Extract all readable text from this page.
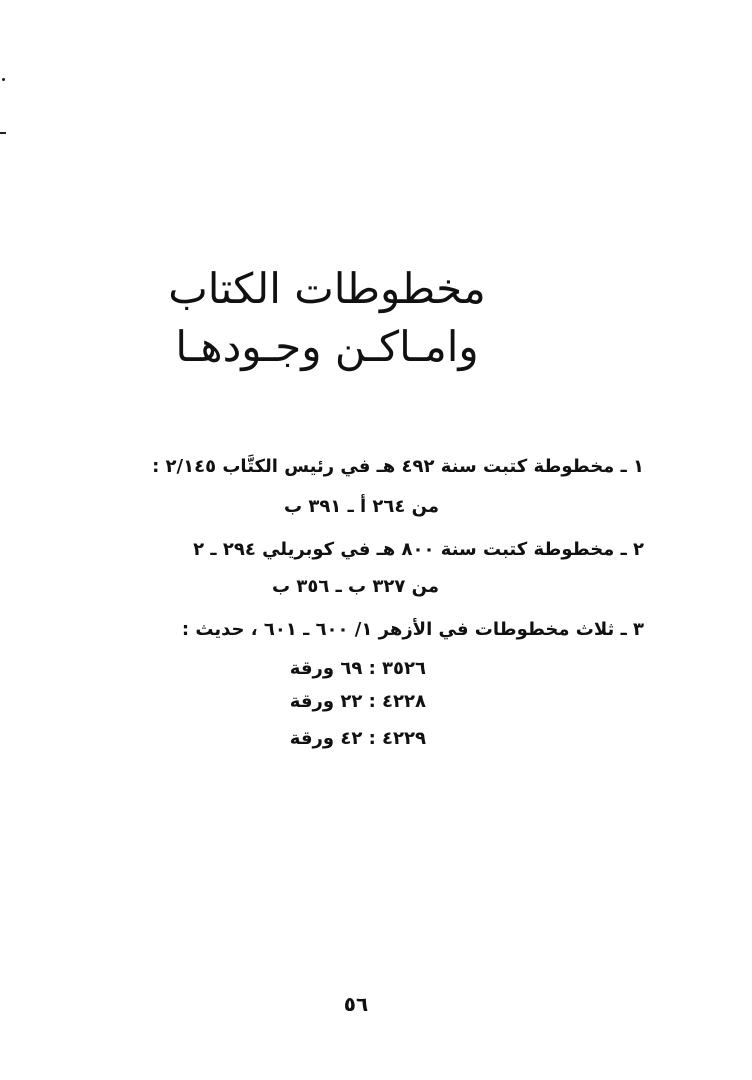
مخطوطات الكتاب
وامـاكـن وجـودهـا
١ ـ مخطوطة كتبت سنة ٤٩٢ هـ في رئيس الكتَّاب ٢/١٤٥ :
من ٢٦٤ أ ـ ٣٩١ ب
٢ ـ مخطوطة كتبت سنة ٨٠٠ هـ في كوبريلي ٢٩٤ ـ ٢
من ٣٢٧ ب ـ ٣٥٦ ب
٣ ـ ثلاث مخطوطات في الأزهر ١/ ٦٠٠ ـ ٦٠١ ، حديث :
٣٥٢٦ : ٦٩ ورقة
٤٢٢٨ : ٢٢ ورقة
٤٢٢٩ : ٤٢ ورقة
٥٦
